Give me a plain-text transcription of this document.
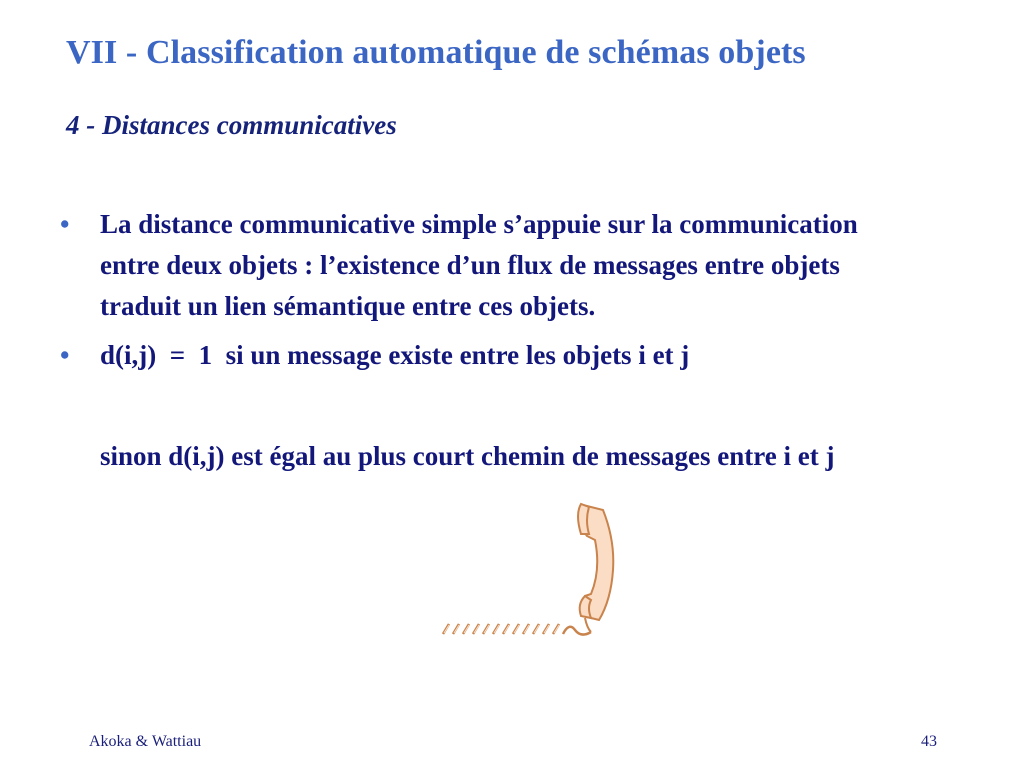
VII - Classification automatique de schémas objets
4 - Distances communicatives
• La distance communicative simple s’appuie sur la communication entre deux objets : l’existence d’un flux de messages entre objets traduit un lien sémantique entre ces objets.
• d(i,j)  =  1  si un message existe entre les objets i et j
sinon d(i,j) est égal au plus court chemin de messages entre i et j
Akoka & Wattiau	43
